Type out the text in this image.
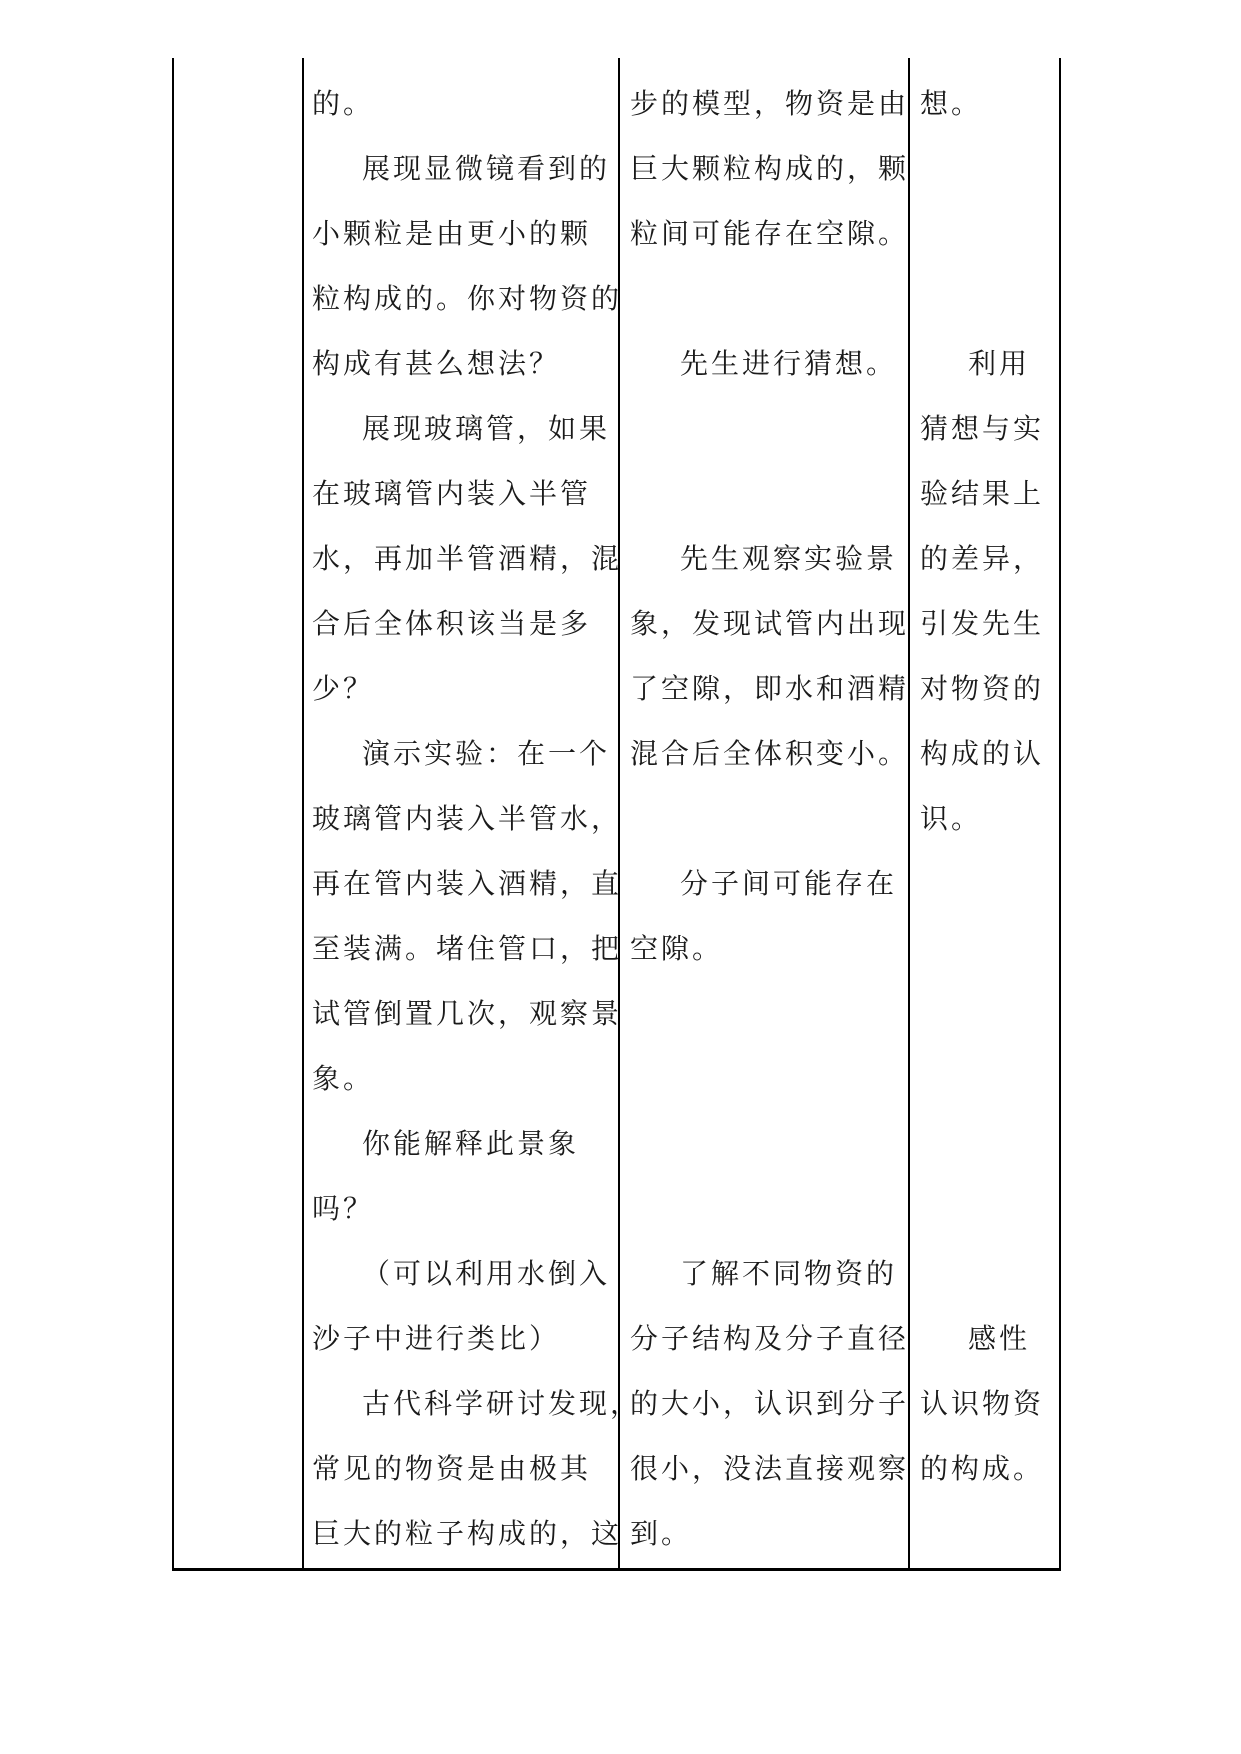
的。
展现显微镜看到的
小颗粒是由更小的颗
粒构成的。你对物资的
构成有甚么想法？
展现玻璃管，如果
在玻璃管内装入半管
水，再加半管酒精，混
合后全体积该当是多
少？
演示实验：在一个
玻璃管内装入半管水，
再在管内装入酒精，直
至装满。堵住管口，把
试管倒置几次，观察景
象。
你能解释此景象
吗？
（可以利用水倒入
沙子中进行类比）
古代科学研讨发现，
常见的物资是由极其
巨大的粒子构成的，这
步的模型，物资是由
巨大颗粒构成的，颗
粒间可能存在空隙。
先生进行猜想。
先生观察实验景
象，发现试管内出现
了空隙，即水和酒精
混合后全体积变小。
分子间可能存在
空隙。
了解不同物资的
分子结构及分子直径
的大小，认识到分子
很小，没法直接观察
到。
想。
利用
猜想与实
验结果上
的差异，
引发先生
对物资的
构成的认
识。
感性
认识物资
的构成。
